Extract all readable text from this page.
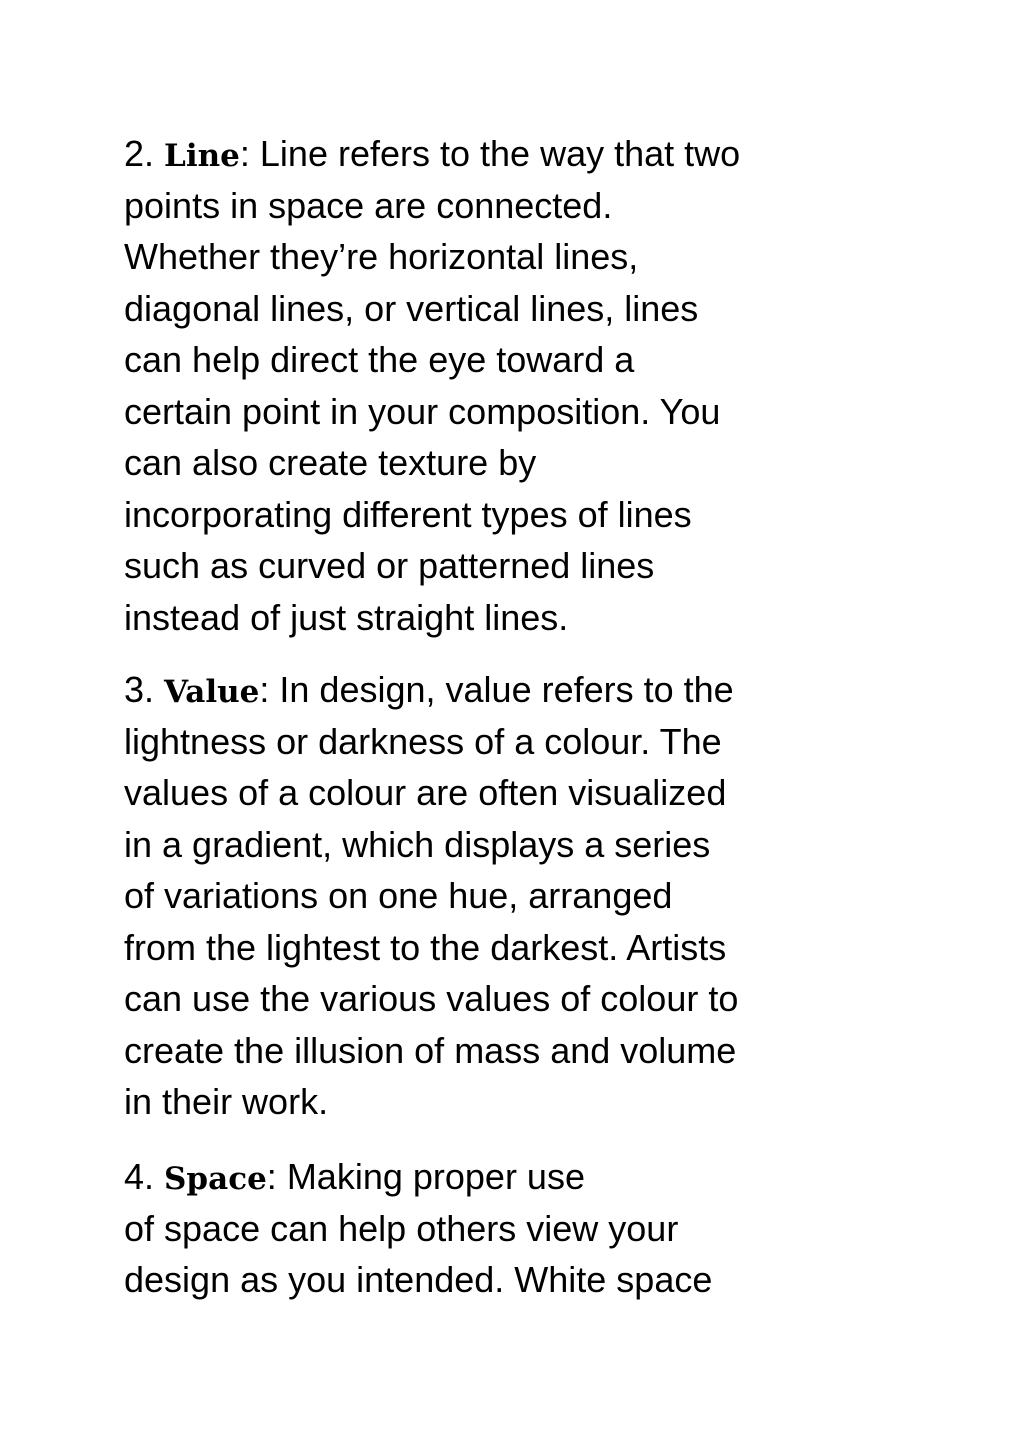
2. Line: Line refers to the way that two
points in space are connected.
Whether they’re horizontal lines,
diagonal lines, or vertical lines, lines
can help direct the eye toward a
certain point in your composition. You
can also create texture by
incorporating different types of lines
such as curved or patterned lines
instead of just straight lines.
3. Value: In design, value refers to the
lightness or darkness of a colour. The
values of a colour are often visualized
in a gradient, which displays a series
of variations on one hue, arranged
from the lightest to the darkest. Artists
can use the various values of colour to
create the illusion of mass and volume
in their work.
4. Space: Making proper use
of space can help others view your
design as you intended. White space
